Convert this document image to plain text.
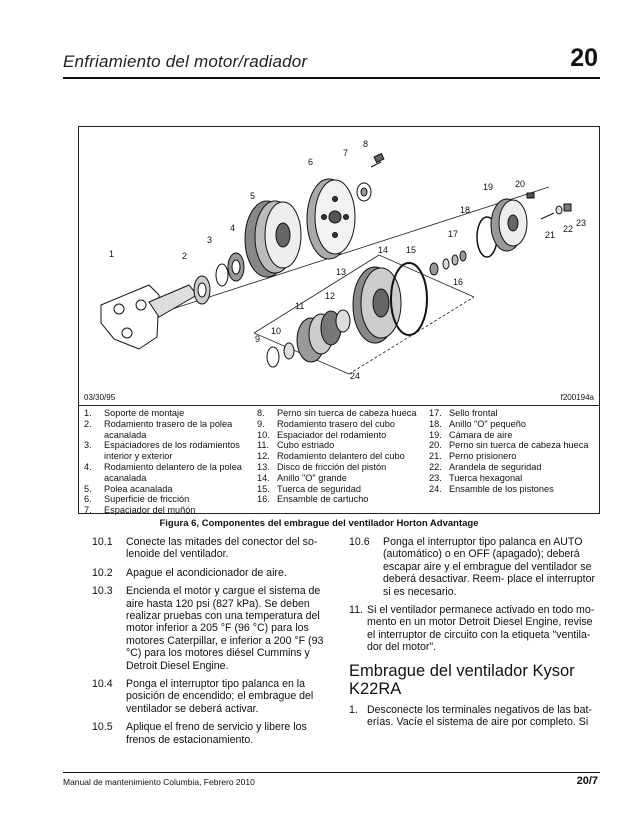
Enfriamiento del motor/radiador	20
1	2
3
4
5
6
7
8
9
10
11
12
13
14 15
16
17
18
19 20
21
22
23
24
03/30/95	f200194a
1.	Soporte de montaje
2.	Rodamiento trasero de la polea acanalada
3.	Espaciadores de los rodamientos interior y exterior
4.	Rodamiento delantero de la polea acanalada
5.	Polea acanalada
6.	Superficie de fricción
7.	Espaciador del muñón
8.	Perno sin tuerca de cabeza hueca
9.	Rodamiento trasero del cubo
10. Espaciador del rodamiento
11. Cubo estriado
12. Rodamiento delantero del cubo
13. Disco de fricción del pistón
14. Anillo "O" grande
15. Tuerca de seguridad
16. Ensamble de cartucho
17. Sello frontal
18. Anillo "O" pequeño
19. Cámara de aire
20. Perno sin tuerca de cabeza hueca
21. Perno prisionero
22. Arandela de seguridad
23. Tuerca hexagonal
24. Ensamble de los pistones
Figura 6, Componentes del embrague del ventilador Horton Advantage
10.1	Conecte las mitades del conector del so- lenoide del ventilador.
10.2	Apague el acondicionador de aire.
10.3	Encienda el motor y cargue el sistema de aire hasta 120 psi (827 kPa). Se deben realizar pruebas con una temperatura del motor inferior a 205 °F (96 °C) para los motores Caterpillar, e inferior a 200 °F (93 °C) para los motores diésel Cummins y Detroit Diesel Engine.
10.4	Ponga el interruptor tipo palanca en la posición de encendido; el embrague del ventilador se deberá activar.
10.5	Aplique el freno de servicio y libere los frenos de estacionamiento.
10.6	Ponga el interruptor tipo palanca en AUTO (automático) o en OFF (apagado); deberá escapar aire y el embrague del ventilador se deberá desactivar. Reem- place el interruptor si es necesario.
11. Si el ventilador permanece activado en todo mo- mento en un motor Detroit Diesel Engine, revise el interruptor de circuito con la etiqueta "ventila- dor del motor".
Embrague del ventilador Kysor K22RA
1. Desconecte los terminales negativos de las bat- erías. Vacíe el sistema de aire por completo. Si
Manual de mantenimiento Columbia, Febrero 2010	20/7
